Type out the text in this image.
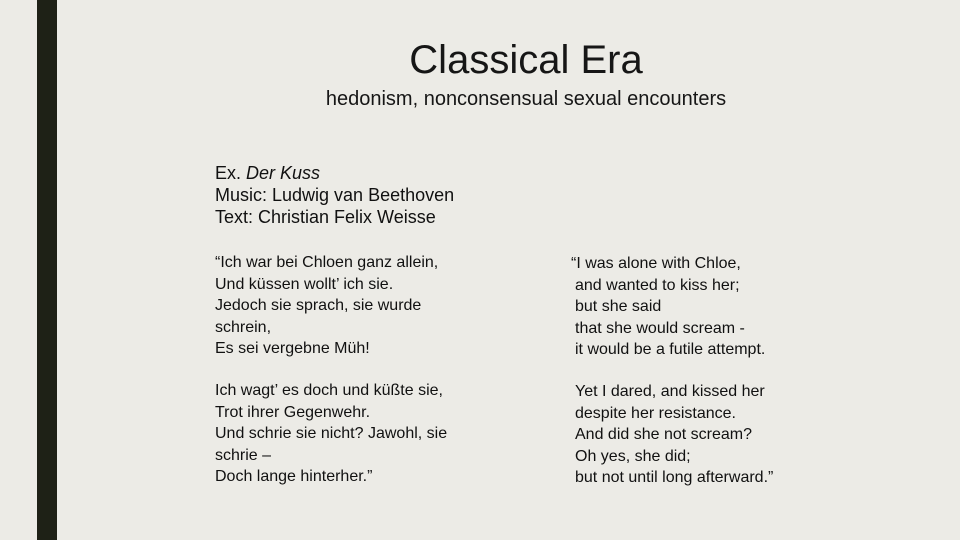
Classical Era
hedonism, nonconsensual sexual encounters
Ex. Der Kuss
Music: Ludwig van Beethoven
Text: Christian Felix Weisse
“Ich war bei Chloen ganz allein,
Und küssen wollt’ ich sie.
Jedoch sie sprach, sie wurde
schrein,
Es sei vergebne Müh!
“I was alone with Chloe,
and wanted to kiss her;
but she said
that she would scream -
it would be a futile attempt.
Ich wagt’ es doch und küßte sie,
Trot ihrer Gegenwehr.
Und schrie sie nicht? Jawohl, sie
schrie –
Doch lange hinterher.”
Yet I dared, and kissed her
despite her resistance.
And did she not scream?
Oh yes, she did;
but not until long afterward.”
